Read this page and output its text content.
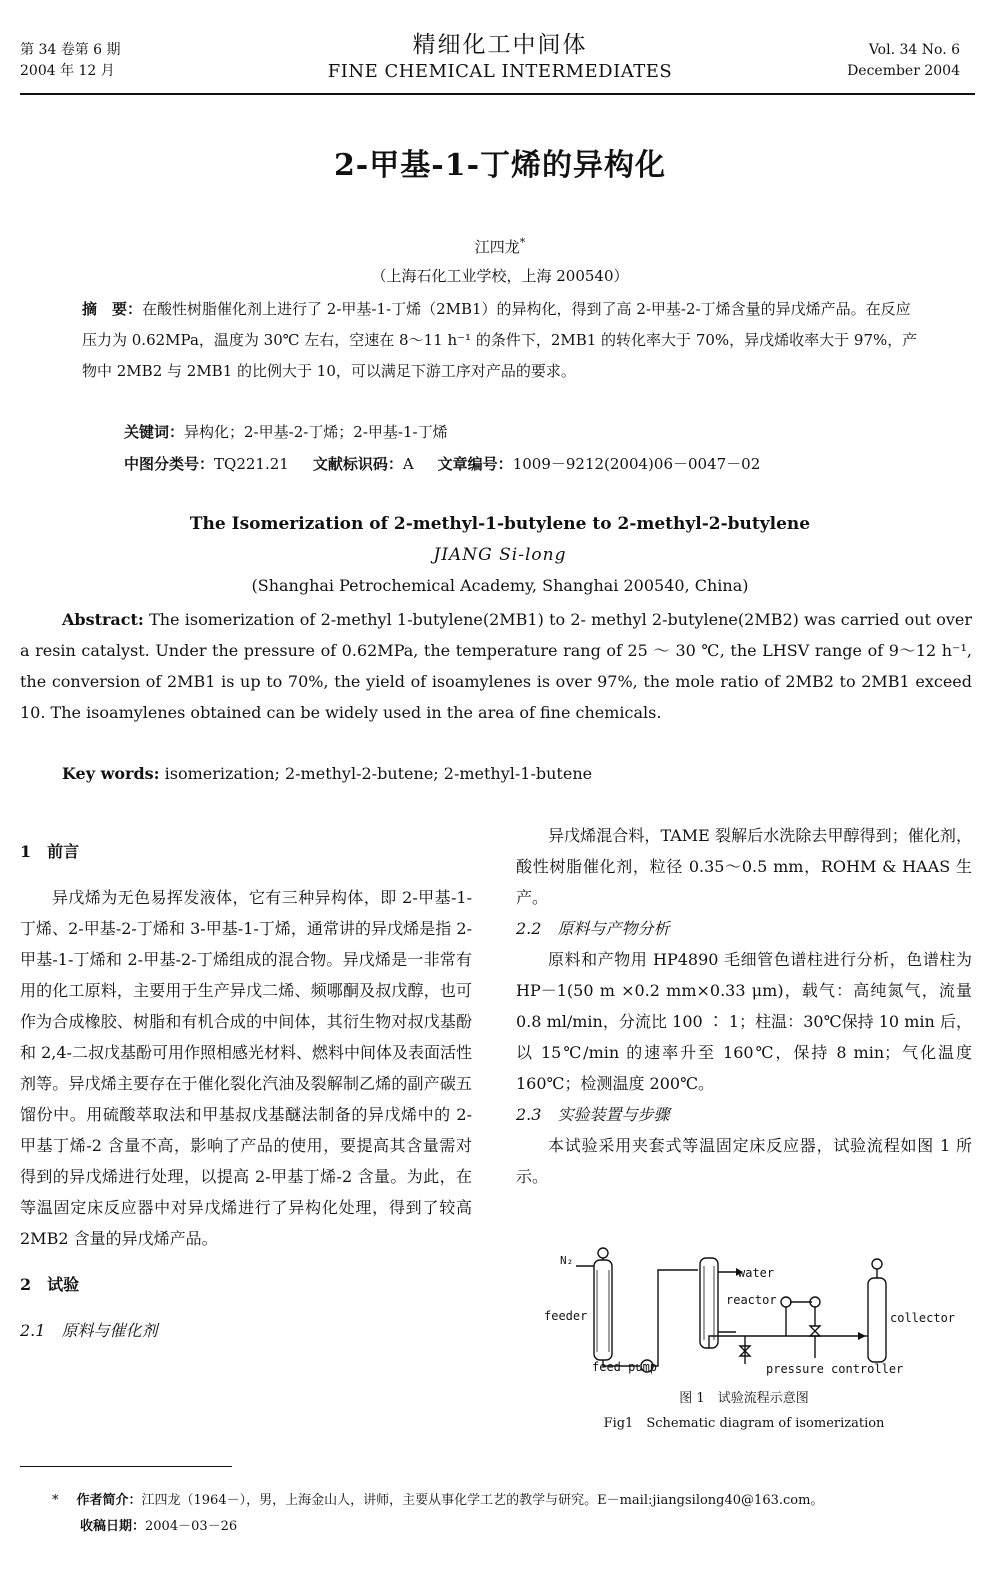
第 34 卷第 6 期
2004 年 12 月
精细化工中间体
FINE CHEMICAL INTERMEDIATES
Vol. 34 No. 6
December 2004
2-甲基-1-丁烯的异构化
江四龙*
（上海石化工业学校，上海 200540）
摘　要：在酸性树脂催化剂上进行了 2-甲基-1-丁烯（2MB1）的异构化，得到了高 2-甲基-2-丁烯含量的异戊烯产品。在反应压力为 0.62MPa，温度为 30℃ 左右，空速在 8～11 h⁻¹ 的条件下，2MB1 的转化率大于 70%，异戊烯收率大于 97%，产物中 2MB2 与 2MB1 的比例大于 10，可以满足下游工序对产品的要求。
关键词：异构化；2-甲基-2-丁烯；2-甲基-1-丁烯
中图分类号：TQ221.21 文献标识码：A 文章编号：1009－9212(2004)06－0047－02
The Isomerization of 2-methyl-1-butylene to 2-methyl-2-butylene
JIANG Si-long
(Shanghai Petrochemical Academy, Shanghai 200540, China)
Abstract: The isomerization of 2-methyl 1-butylene(2MB1) to 2- methyl 2-butylene(2MB2) was carried out over a resin catalyst. Under the pressure of 0.62MPa, the temperature rang of 25 ～ 30 ℃, the LHSV range of 9～12 h⁻¹, the conversion of 2MB1 is up to 70%, the yield of isoamylenes is over 97%, the mole ratio of 2MB2 to 2MB1 exceed 10. The isoamylenes obtained can be widely used in the area of fine chemicals.
Key words: isomerization; 2-methyl-2-butene; 2-methyl-1-butene
1　前言
异戊烯为无色易挥发液体，它有三种异构体，即 2-甲基-1-丁烯、2-甲基-2-丁烯和 3-甲基-1-丁烯，通常讲的异戊烯是指 2-甲基-1-丁烯和 2-甲基-2-丁烯组成的混合物。异戊烯是一非常有用的化工原料，主要用于生产异戊二烯、频哪酮及叔戊醇，也可作为合成橡胶、树脂和有机合成的中间体，其衍生物对叔戊基酚和 2,4-二叔戊基酚可用作照相感光材料、燃料中间体及表面活性剂等。异戊烯主要存在于催化裂化汽油及裂解制乙烯的副产碳五馏份中。用硫酸萃取法和甲基叔戊基醚法制备的异戊烯中的 2-甲基丁烯-2 含量不高，影响了产品的使用，要提高其含量需对得到的异戊烯进行处理，以提高 2-甲基丁烯-2 含量。为此，在等温固定床反应器中对异戊烯进行了异构化处理，得到了较高 2MB2 含量的异戊烯产品。
2　试验
2.1　原料与催化剂
异戊烯混合料，TAME 裂解后水洗除去甲醇得到；催化剂，酸性树脂催化剂，粒径 0.35～0.5 mm，ROHM & HAAS 生产。
2.2　原料与产物分析
原料和产物用 HP4890 毛细管色谱柱进行分析，色谱柱为 HP－1(50 m ×0.2 mm×0.33 μm)，载气：高纯氮气，流量 0.8 ml/min，分流比 100 ∶ 1；柱温：30℃保持 10 min 后，以 15℃/min 的速率升至 160℃，保持 8 min；气化温度 160℃；检测温度 200℃。
2.3　实验装置与步骤
本试验采用夹套式等温固定床反应器，试验流程如图 1 所示。
N₂
water
reactor
feeder	collector
feed pump	pressure controller
图 1　试验流程示意图
Fig1　Schematic diagram of isomerization
* 作者简介：江四龙（1964－），男，上海金山人，讲师，主要从事化学工艺的教学与研究。E－mail:jiangsilong40@163.com。
收稿日期：2004－03－26
